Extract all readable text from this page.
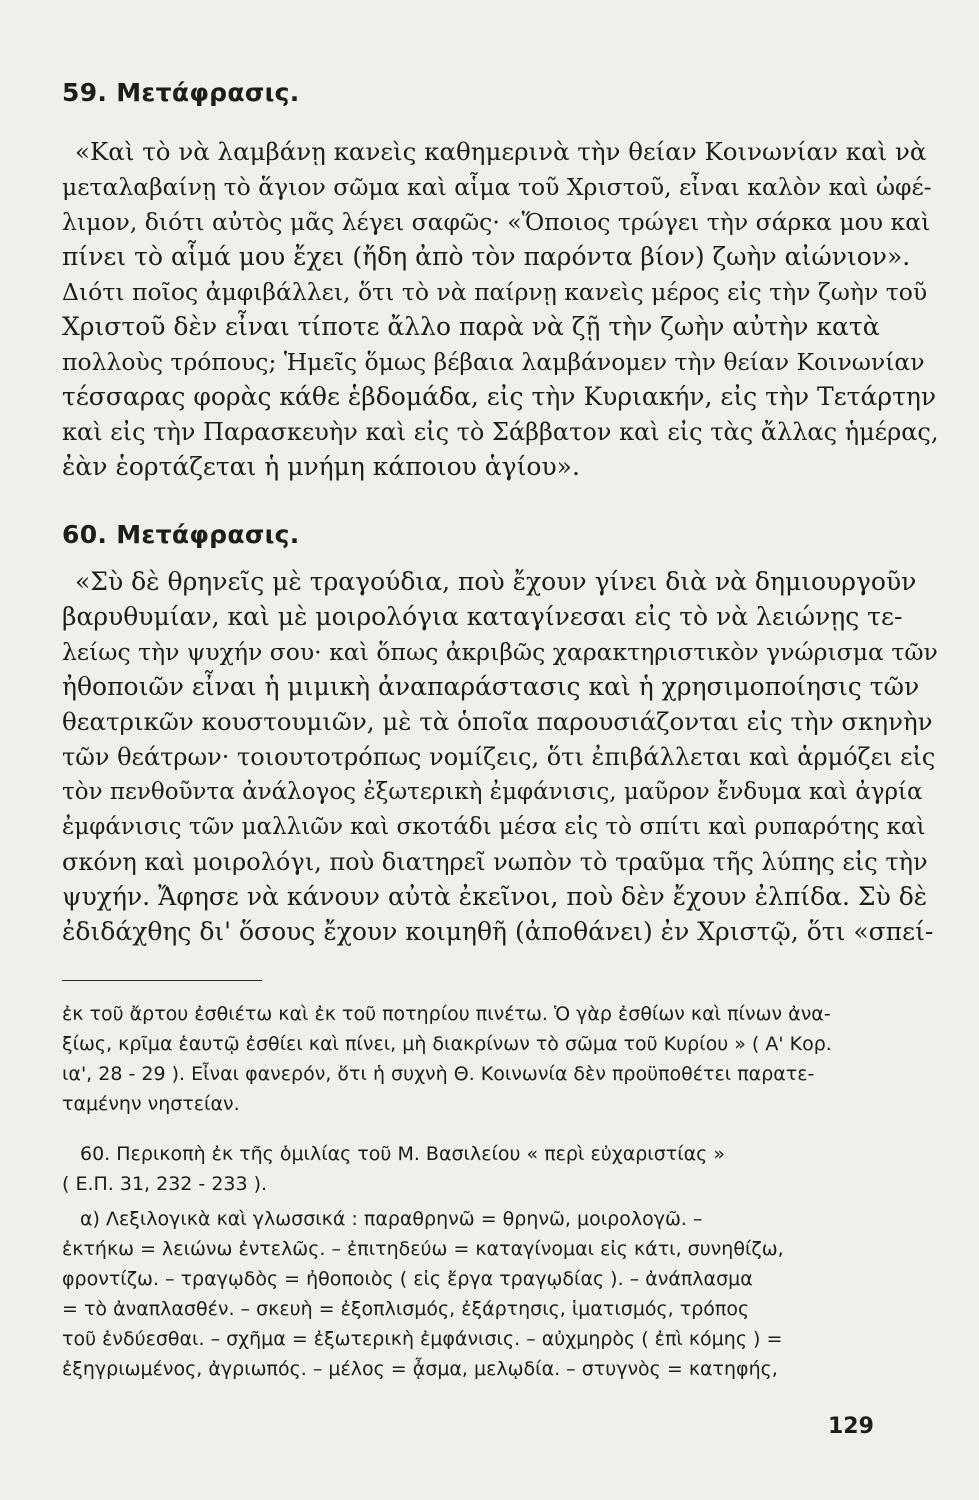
59. Μετάφρασις.
«Καὶ τὸ νὰ λαμβάνῃ κανεὶς καθημερινὰ τὴν θείαν Κοινωνίαν καὶ νὰ
μεταλαβαίνῃ τὸ ἅγιον σῶμα καὶ αἷμα τοῦ Χριστοῦ, εἶναι καλὸν καὶ ὠφέ-
λιμον, διότι αὐτὸς μᾶς λέγει σαφῶς· «Ὅποιος τρώγει τὴν σάρκα μου καὶ
πίνει τὸ αἷμά μου ἔχει (ἤδη ἀπὸ τὸν παρόντα βίον) ζωὴν αἰώνιον».
Διότι ποῖος ἀμφιβάλλει, ὅτι τὸ νὰ παίρνῃ κανεὶς μέρος εἰς τὴν ζωὴν τοῦ
Χριστοῦ δὲν εἶναι τίποτε ἄλλο παρὰ νὰ ζῇ τὴν ζωὴν αὐτὴν κατὰ
πολλοὺς τρόπους; Ἡμεῖς ὅμως βέβαια λαμβάνομεν τὴν θείαν Κοινωνίαν
τέσσαρας φορὰς κάθε ἑβδομάδα, εἰς τὴν Κυριακήν, εἰς τὴν Τετάρτην
καὶ εἰς τὴν Παρασκευὴν καὶ εἰς τὸ Σάββατον καὶ εἰς τὰς ἄλλας ἡμέρας,
ἐὰν ἑορτάζεται ἡ μνήμη κάποιου ἁγίου».
60. Μετάφρασις.
«Σὺ δὲ θρηνεῖς μὲ τραγούδια, ποὺ ἔχουν γίνει διὰ νὰ δημιουργοῦν
βαρυθυμίαν, καὶ μὲ μοιρολόγια καταγίνεσαι εἰς τὸ νὰ λειώνῃς τε-
λείως τὴν ψυχήν σου· καὶ ὅπως ἀκριβῶς χαρακτηριστικὸν γνώρισμα τῶν
ἠθοποιῶν εἶναι ἡ μιμικὴ ἀναπαράστασις καὶ ἡ χρησιμοποίησις τῶν
θεατρικῶν κουστουμιῶν, μὲ τὰ ὁποῖα παρουσιάζονται εἰς τὴν σκηνὴν
τῶν θεάτρων· τοιουτοτρόπως νομίζεις, ὅτι ἐπιβάλλεται καὶ ἁρμόζει εἰς
τὸν πενθοῦντα ἀνάλογος ἐξωτερικὴ ἐμφάνισις, μαῦρον ἔνδυμα καὶ ἀγρία
ἐμφάνισις τῶν μαλλιῶν καὶ σκοτάδι μέσα εἰς τὸ σπίτι καὶ ρυπαρότης καὶ
σκόνη καὶ μοιρολόγι, ποὺ διατηρεῖ νωπὸν τὸ τραῦμα τῆς λύπης εἰς τὴν
ψυχήν. Ἄφησε νὰ κάνουν αὐτὰ ἐκεῖνοι, ποὺ δὲν ἔχουν ἐλπίδα. Σὺ δὲ
ἐδιδάχθης δι' ὅσους ἔχουν κοιμηθῆ (ἀποθάνει) ἐν Χριστῷ, ὅτι «σπεί-
ἐκ τοῦ ἄρτου ἐσθιέτω καὶ ἐκ τοῦ ποτηρίου πινέτω. Ὁ γὰρ ἐσθίων καὶ πίνων ἀνα-
ξίως, κρῖμα ἑαυτῷ ἐσθίει καὶ πίνει, μὴ διακρίνων τὸ σῶμα τοῦ Κυρίου » ( Α' Κορ.
ια', 28 - 29 ). Εἶναι φανερόν, ὅτι ἡ συχνὴ Θ. Κοινωνία δὲν προϋποθέτει παρατε-
ταμένην νηστείαν.
60. Περικοπὴ ἐκ τῆς ὁμιλίας τοῦ Μ. Βασιλείου « περὶ εὐχαριστίας »
( Ε.Π. 31, 232 - 233 ).
α) Λεξιλογικὰ καὶ γλωσσικά : παραθρηνῶ = θρηνῶ, μοιρολογῶ. –
ἐκτήκω = λειώνω ἐντελῶς. – ἐπιτηδεύω = καταγίνομαι εἰς κάτι, συνηθίζω,
φροντίζω. – τραγῳδὸς = ἠθοποιὸς ( εἰς ἔργα τραγῳδίας ). – ἀνάπλασμα
= τὸ ἀναπλασθέν. – σκευὴ = ἐξοπλισμός, ἐξάρτησις, ἱματισμός, τρόπος
τοῦ ἐνδύεσθαι. – σχῆμα = ἐξωτερικὴ ἐμφάνισις. – αὐχμηρὸς ( ἐπὶ κόμης ) =
ἐξηγριωμένος, ἀγριωπός. – μέλος = ᾆσμα, μελῳδία. – στυγνὸς = κατηφής,
129
